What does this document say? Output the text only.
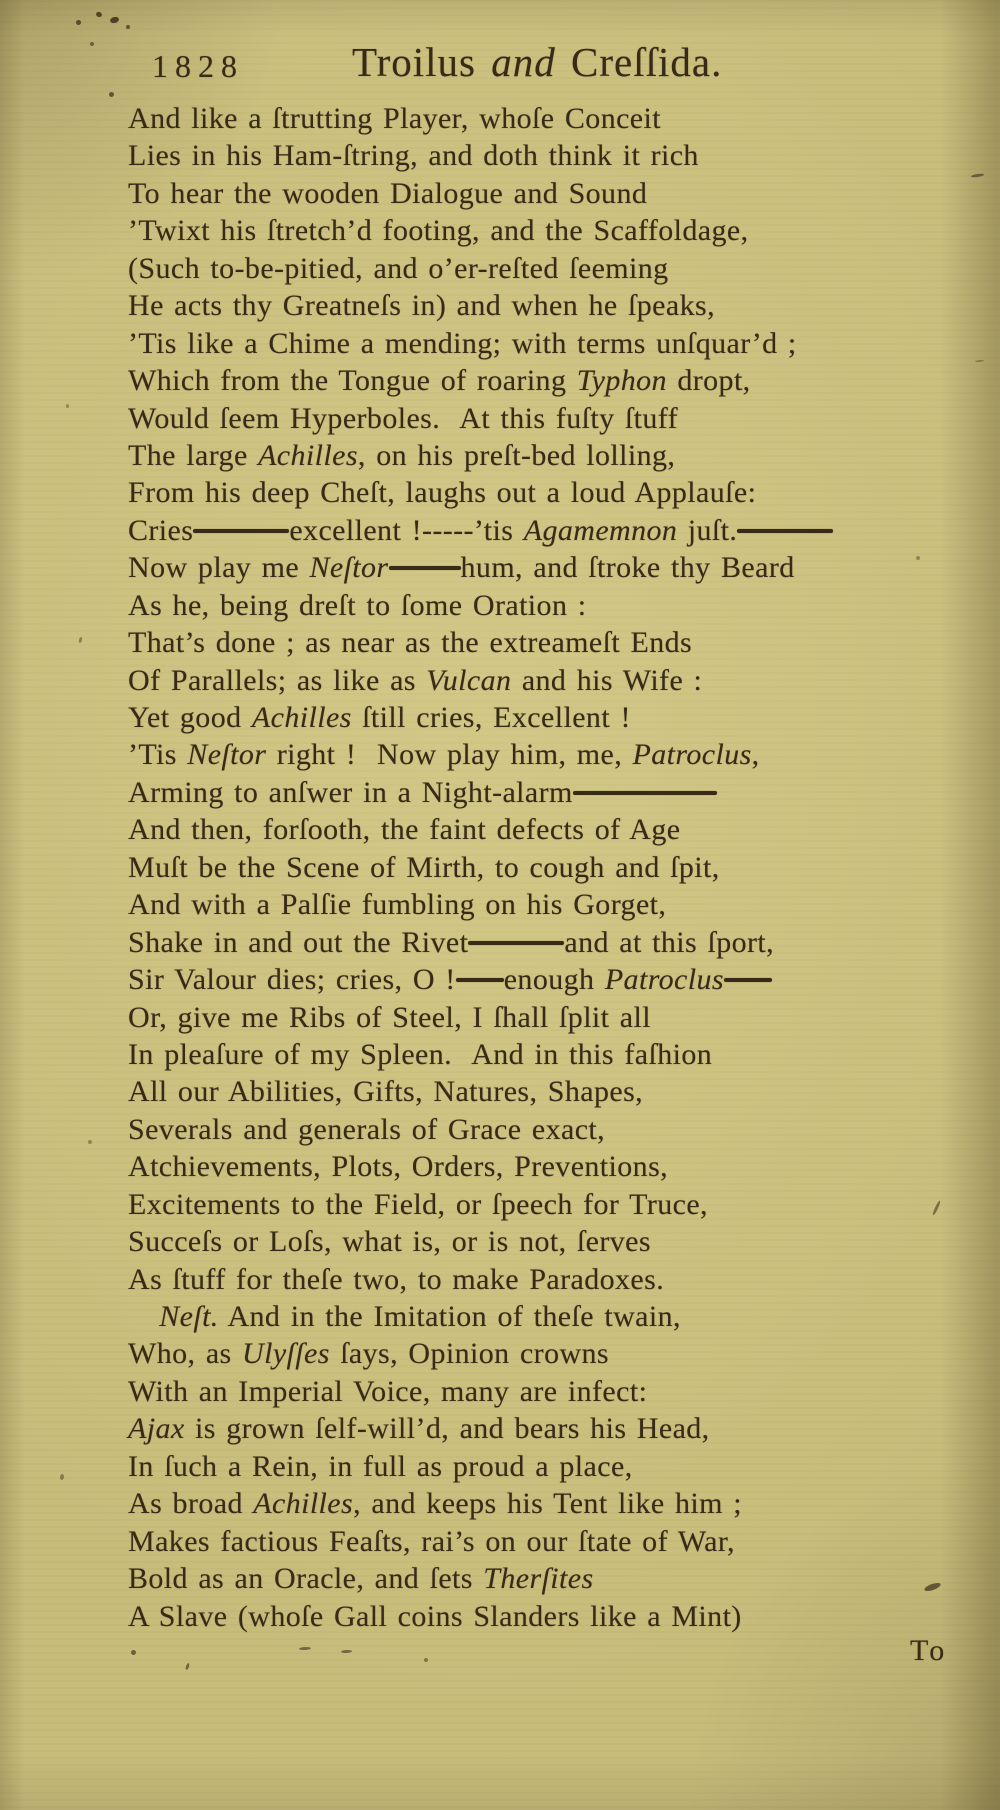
1828	Troilus and Creſſida.
And like a ſtrutting Player, whoſe Conceit
Lies in his Ham-ſtring, and doth think it rich
To hear the wooden Dialogue and Sound
’Twixt his ſtretch’d footing, and the Scaffoldage,
(Such to-be-pitied, and o’er-reſted ſeeming
He acts thy Greatneſs in) and when he ſpeaks,
’Tis like a Chime a mending; with terms unſquar’d ;
Which from the Tongue of roaring Typhon dropt,
Would ſeem Hyperboles.  At this fuſty ſtuff
The large Achilles, on his preſt-bed lolling,
From his deep Cheſt, laughs out a loud Applauſe:
Cries	excellent !-----’tis Agamemnon juſt.
Now play me Neſtor hum, and ſtroke thy Beard
As he, being dreſt to ſome Oration :
That’s done ; as near as the extreameſt Ends
Of Parallels; as like as Vulcan and his Wife :
Yet good Achilles ſtill cries, Excellent !
’Tis Neſtor right !  Now play him, me, Patroclus,
Arming to anſwer in a Night-alarm
And then, forſooth, the faint defects of Age
Muſt be the Scene of Mirth, to cough and ſpit,
And with a Palſie fumbling on his Gorget,
Shake in and out the Rivet	and at this ſport,
Sir Valour dies; cries, O ! enough Patroclus
Or, give me Ribs of Steel, I ſhall ſplit all
In pleaſure of my Spleen.  And in this faſhion
All our Abilities, Gifts, Natures, Shapes,
Severals and generals of Grace exact,
Atchievements, Plots, Orders, Preventions,
Excitements to the Field, or ſpeech for Truce,
Succeſs or Loſs, what is, or is not, ſerves
As ſtuff for theſe two, to make Paradoxes.
Neſt. And in the Imitation of theſe twain,
Who, as Ulyſſes ſays, Opinion crowns
With an Imperial Voice, many are infect:
Ajax is grown ſelf-will’d, and bears his Head,
In ſuch a Rein, in full as proud a place,
As broad Achilles, and keeps his Tent like him ;
Makes factious Feaſts, rai’s on our ſtate of War,
Bold as an Oracle, and ſets Therſites
A Slave (whoſe Gall coins Slanders like a Mint)
To
